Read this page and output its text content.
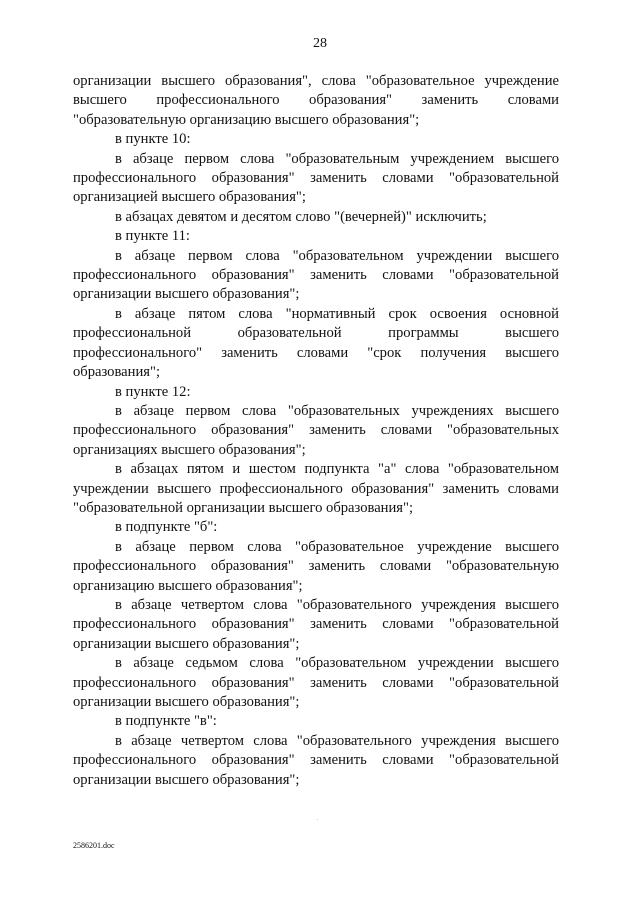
28

организации высшего образования", слова "образовательное учреждение высшего профессионального образования" заменить словами "образовательную организацию высшего образования";

в пункте 10:

в абзаце первом слова "образовательным учреждением высшего профессионального образования" заменить словами "образовательной организацией высшего образования";

в абзацах девятом и десятом слово "(вечерней)" исключить;

в пункте 11:

в абзаце первом слова "образовательном учреждении высшего профессионального образования" заменить словами "образовательной организации высшего образования";

в абзаце пятом слова "нормативный срок освоения основной профессиональной образовательной программы высшего профессионального" заменить словами "срок получения высшего образования";

в пункте 12:

в абзаце первом слова "образовательных учреждениях высшего профессионального образования" заменить словами "образовательных организациях высшего образования";

в абзацах пятом и шестом подпункта "а" слова "образовательном учреждении высшего профессионального образования" заменить словами "образовательной организации высшего образования";

в подпункте "б":

в абзаце первом слова "образовательное учреждение высшего профессионального образования" заменить словами "образовательную организацию высшего образования";

в абзаце четвертом слова "образовательного учреждения высшего профессионального образования" заменить словами "образовательной организации высшего образования";

в абзаце седьмом слова "образовательном учреждении высшего профессионального образования" заменить словами "образовательной организации высшего образования";

в подпункте "в":

в абзаце четвертом слова "образовательного учреждения высшего профессионального образования" заменить словами "образовательной организации высшего образования";

2586201.doc
